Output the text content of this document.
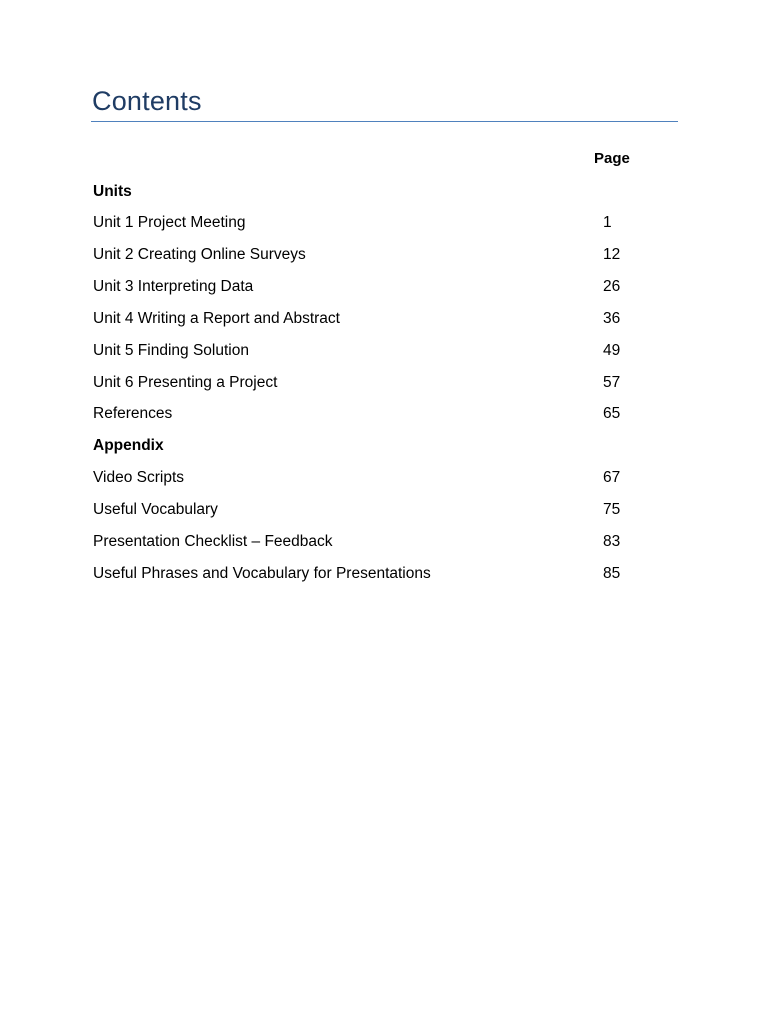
Contents
Page
Units
Unit 1 Project Meeting	1
Unit 2 Creating Online Surveys	12
Unit 3 Interpreting Data	26
Unit 4 Writing a Report and Abstract	36
Unit 5 Finding Solution	49
Unit 6 Presenting a Project	57
References	65
Appendix
Video Scripts	67
Useful Vocabulary	75
Presentation Checklist – Feedback	83
Useful Phrases and Vocabulary for Presentations	85
